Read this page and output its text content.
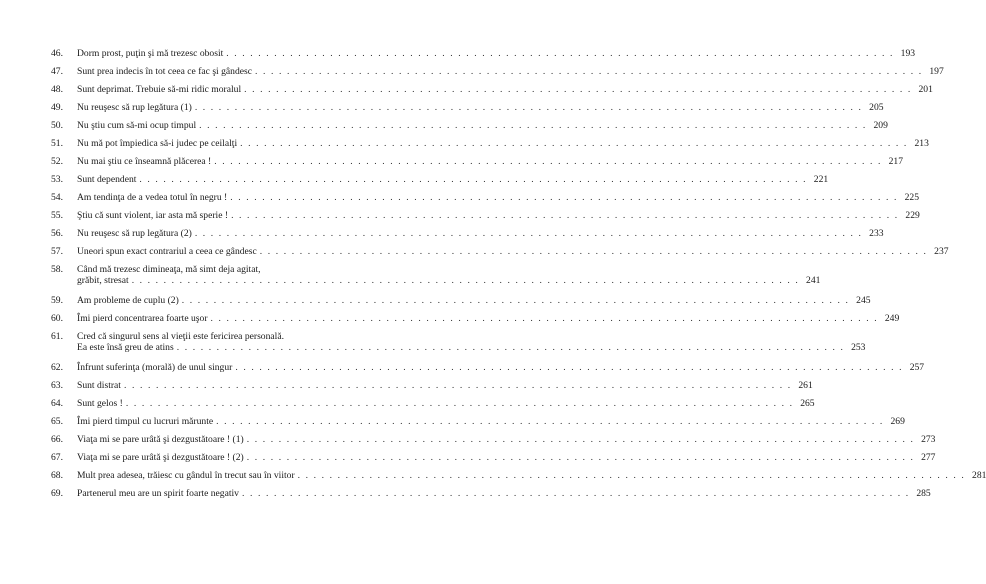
46.	Dorm prost, puţin şi mă trezesc obosit . . . . . . . . . . . . . . . . . . . . . . . . . . . . . . . . . . . . . . . . . . . . . . . . . . . . . . . . . . . . . . . . . . . . . . . . . . . . . . . . . . . . 193
47.	Sunt prea indecis în tot ceea ce fac şi gândesc . . . . . . . . . . . . . . . . . . . . . . . . . . . . . . . . . . . . . . . . . . . . . . . . . . . . . . . . . . . . . . . . . . . . . . . . . . . . . . . . . . . . 197
48.	Sunt deprimat. Trebuie să-mi ridic moralul . . . . . . . . . . . . . . . . . . . . . . . . . . . . . . . . . . . . . . . . . . . . . . . . . . . . . . . . . . . . . . . . . . . . . . . . . . . . . . . . . . . . 201
49.	Nu reuşesc să rup legătura (1) . . . . . . . . . . . . . . . . . . . . . . . . . . . . . . . . . . . . . . . . . . . . . . . . . . . . . . . . . . . . . . . . . . . . . . . . . . . . . . . . . . . . 205
50.	Nu ştiu cum să-mi ocup timpul . . . . . . . . . . . . . . . . . . . . . . . . . . . . . . . . . . . . . . . . . . . . . . . . . . . . . . . . . . . . . . . . . . . . . . . . . . . . . . . . . . . . 209
51.	Nu mă pot împiedica să-i judec pe ceilalţi . . . . . . . . . . . . . . . . . . . . . . . . . . . . . . . . . . . . . . . . . . . . . . . . . . . . . . . . . . . . . . . . . . . . . . . . . . . . . . . . . . . . 213
52.	Nu mai ştiu ce înseamnă plăcerea ! . . . . . . . . . . . . . . . . . . . . . . . . . . . . . . . . . . . . . . . . . . . . . . . . . . . . . . . . . . . . . . . . . . . . . . . . . . . . . . . . . . . . 217
53.	Sunt dependent . . . . . . . . . . . . . . . . . . . . . . . . . . . . . . . . . . . . . . . . . . . . . . . . . . . . . . . . . . . . . . . . . . . . . . . . . . . . . . . . . . . . 221
54.	Am tendinţa de a vedea totul în negru ! . . . . . . . . . . . . . . . . . . . . . . . . . . . . . . . . . . . . . . . . . . . . . . . . . . . . . . . . . . . . . . . . . . . . . . . . . . . . . . . . . . . . 225
55.	Ştiu că sunt violent, iar asta mă sperie ! . . . . . . . . . . . . . . . . . . . . . . . . . . . . . . . . . . . . . . . . . . . . . . . . . . . . . . . . . . . . . . . . . . . . . . . . . . . . . . . . . . . . 229
56.	Nu reuşesc să rup legătura (2) . . . . . . . . . . . . . . . . . . . . . . . . . . . . . . . . . . . . . . . . . . . . . . . . . . . . . . . . . . . . . . . . . . . . . . . . . . . . . . . . . . . . 233
57.	Uneori spun exact contrariul a ceea ce gândesc . . . . . . . . . . . . . . . . . . . . . . . . . . . . . . . . . . . . . . . . . . . . . . . . . . . . . . . . . . . . . . . . . . . . . . . . . . . . . . . . . . . . 237
58.	Când mă trezesc dimineaţa, mă simt deja agitat,
grăbit, stresat . . . . . . . . . . . . . . . . . . . . . . . . . . . . . . . . . . . . . . . . . . . . . . . . . . . . . . . . . . . . . . . . . . . . . . . . . . . . . . . . . . . . 241
59.	Am probleme de cuplu (2) . . . . . . . . . . . . . . . . . . . . . . . . . . . . . . . . . . . . . . . . . . . . . . . . . . . . . . . . . . . . . . . . . . . . . . . . . . . . . . . . . . . . 245
60.	Îmi pierd concentrarea foarte uşor . . . . . . . . . . . . . . . . . . . . . . . . . . . . . . . . . . . . . . . . . . . . . . . . . . . . . . . . . . . . . . . . . . . . . . . . . . . . . . . . . . . . 249
61.	Cred că singurul sens al vieţii este fericirea personală.
Ea este însă greu de atins . . . . . . . . . . . . . . . . . . . . . . . . . . . . . . . . . . . . . . . . . . . . . . . . . . . . . . . . . . . . . . . . . . . . . . . . . . . . . . . . . . . . 253
62.	Înfrunt suferinţa (morală) de unul singur . . . . . . . . . . . . . . . . . . . . . . . . . . . . . . . . . . . . . . . . . . . . . . . . . . . . . . . . . . . . . . . . . . . . . . . . . . . . . . . . . . . . 257
63.	Sunt distrat . . . . . . . . . . . . . . . . . . . . . . . . . . . . . . . . . . . . . . . . . . . . . . . . . . . . . . . . . . . . . . . . . . . . . . . . . . . . . . . . . . . . 261
64.	Sunt gelos ! . . . . . . . . . . . . . . . . . . . . . . . . . . . . . . . . . . . . . . . . . . . . . . . . . . . . . . . . . . . . . . . . . . . . . . . . . . . . . . . . . . . . 265
65.	Îmi pierd timpul cu lucruri mărunte . . . . . . . . . . . . . . . . . . . . . . . . . . . . . . . . . . . . . . . . . . . . . . . . . . . . . . . . . . . . . . . . . . . . . . . . . . . . . . . . . . . . 269
66.	Viaţa mi se pare urâtă şi dezgustătoare ! (1) . . . . . . . . . . . . . . . . . . . . . . . . . . . . . . . . . . . . . . . . . . . . . . . . . . . . . . . . . . . . . . . . . . . . . . . . . . . . . . . . . . . . 273
67.	Viaţa mi se pare urâtă şi dezgustătoare ! (2) . . . . . . . . . . . . . . . . . . . . . . . . . . . . . . . . . . . . . . . . . . . . . . . . . . . . . . . . . . . . . . . . . . . . . . . . . . . . . . . . . . . . 277
68.	Mult prea adesea, trăiesc cu gândul în trecut sau în viitor . . . . . . . . . . . . . . . . . . . . . . . . . . . . . . . . . . . . . . . . . . . . . . . . . . . . . . . . . . . . . . . . . . . . . . . . . . . . . . . . . . . . 281
69.	Partenerul meu are un spirit foarte negativ . . . . . . . . . . . . . . . . . . . . . . . . . . . . . . . . . . . . . . . . . . . . . . . . . . . . . . . . . . . . . . . . . . . . . . . . . . . . . . . . . . . . 285
